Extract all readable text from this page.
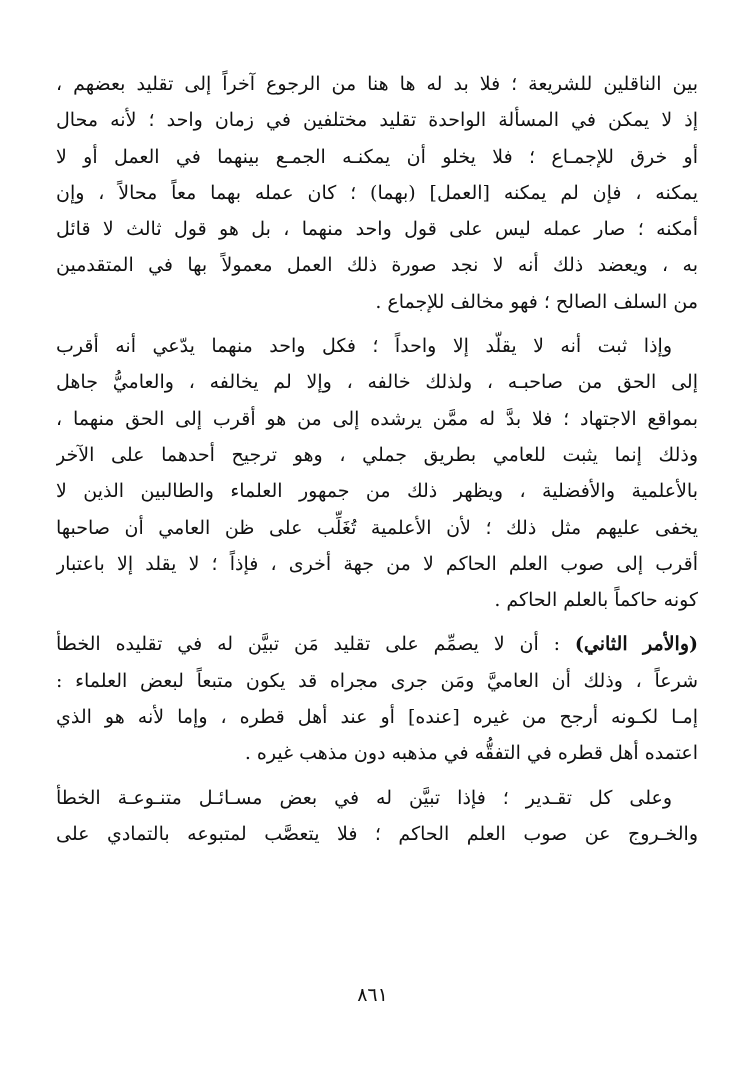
بين الناقلين للشريعة ؛ فلا بد له ها هنا من الرجوع آخراً إلى تقليد بعضهم ،
إذ لا يمكن في المسألة الواحدة تقليد مختلفين في زمان واحد ؛ لأنه محال
أو خرق للإجمـاع ؛ فلا يخلو أن يمكنـه الجمـع بينهما في العمل أو لا
يمكنه ، فإن لم يمكنه [العمل] (بهما) ؛ كان عمله بهما معاً محالاً ، وإن
أمكنه ؛ صار عمله ليس على قول واحد منهما ، بل هو قول ثالث لا قائل
به ، ويعضد ذلك أنه لا نجد صورة ذلك العمل معمولاً بها في المتقدمين
من السلف الصالح ؛ فهو مخالف للإجماع .
وإذا ثبت أنه لا يقلّد إلا واحداً ؛ فكل واحد منهما يدّعي أنه أقرب
إلى الحق من صاحبـه ، ولذلك خالفه ، وإلا لم يخالفه ، والعاميُّ جاهل
بمواقع الاجتهاد ؛ فلا بدَّ له ممَّن يرشده إلى من هو أقرب إلى الحق منهما ،
وذلك إنما يثبت للعامي بطريق جملي ، وهو ترجيح أحدهما على الآخر
بالأعلمية والأفضلية ، ويظهر ذلك من جمهور العلماء والطالبين الذين لا
يخفى عليهم مثل ذلك ؛ لأن الأعلمية تُغَلِّب على ظن العامي أن صاحبها
أقرب إلى صوب العلم الحاكم لا من جهة أخرى ، فإذاً ؛ لا يقلد إلا باعتبار
كونه حاكماً بالعلم الحاكم .
(والأمر الثاني) : أن لا يصمِّم على تقليد مَن تبيَّن له في تقليده الخطأ
شرعاً ، وذلك أن العاميَّ ومَن جرى مجراه قد يكون متبعاً لبعض العلماء :
إمـا لكـونه أرجح من غيره [عنده] أو عند أهل قطره ، وإما لأنه هو الذي
اعتمده أهل قطره في التفقُّه في مذهبه دون مذهب غيره .
وعلى كل تقـدير ؛ فإذا تبيَّن له في بعض مسـائـل متنـوعـة الخطأ
والخـروج عن صوب العلم الحاكم ؛ فلا يتعصَّب لمتبوعه بالتمادي على
٨٦١
